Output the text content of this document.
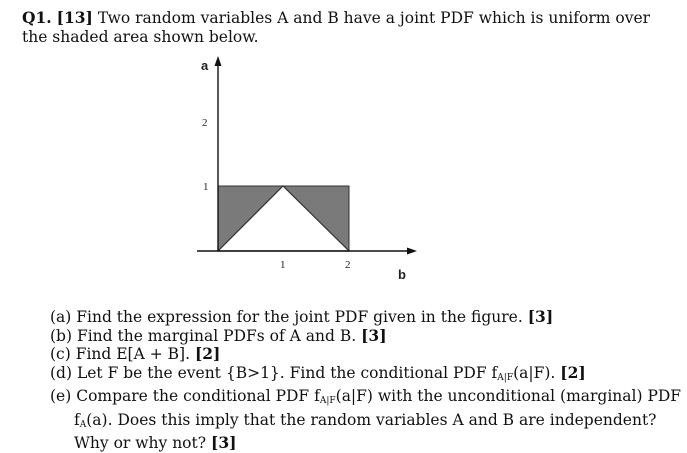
Q1. [13] Two random variables A and B have a joint PDF which is uniform over the shaded area shown below.
a
b
2
1
1	2
(a) Find the expression for the joint PDF given in the figure. [3]
(b) Find the marginal PDFs of A and B. [3]
(c) Find E[A + B]. [2]
(d) Let F be the event {B>1}. Find the conditional PDF $f_{A|F}(a|F)$. [2]
(e) Compare the conditional PDF $f_{A|F}(a|F)$ with the unconditional (marginal) PDF
$f_A(a)$. Does this imply that the random variables A and B are independent?
Why or why not? [3]
